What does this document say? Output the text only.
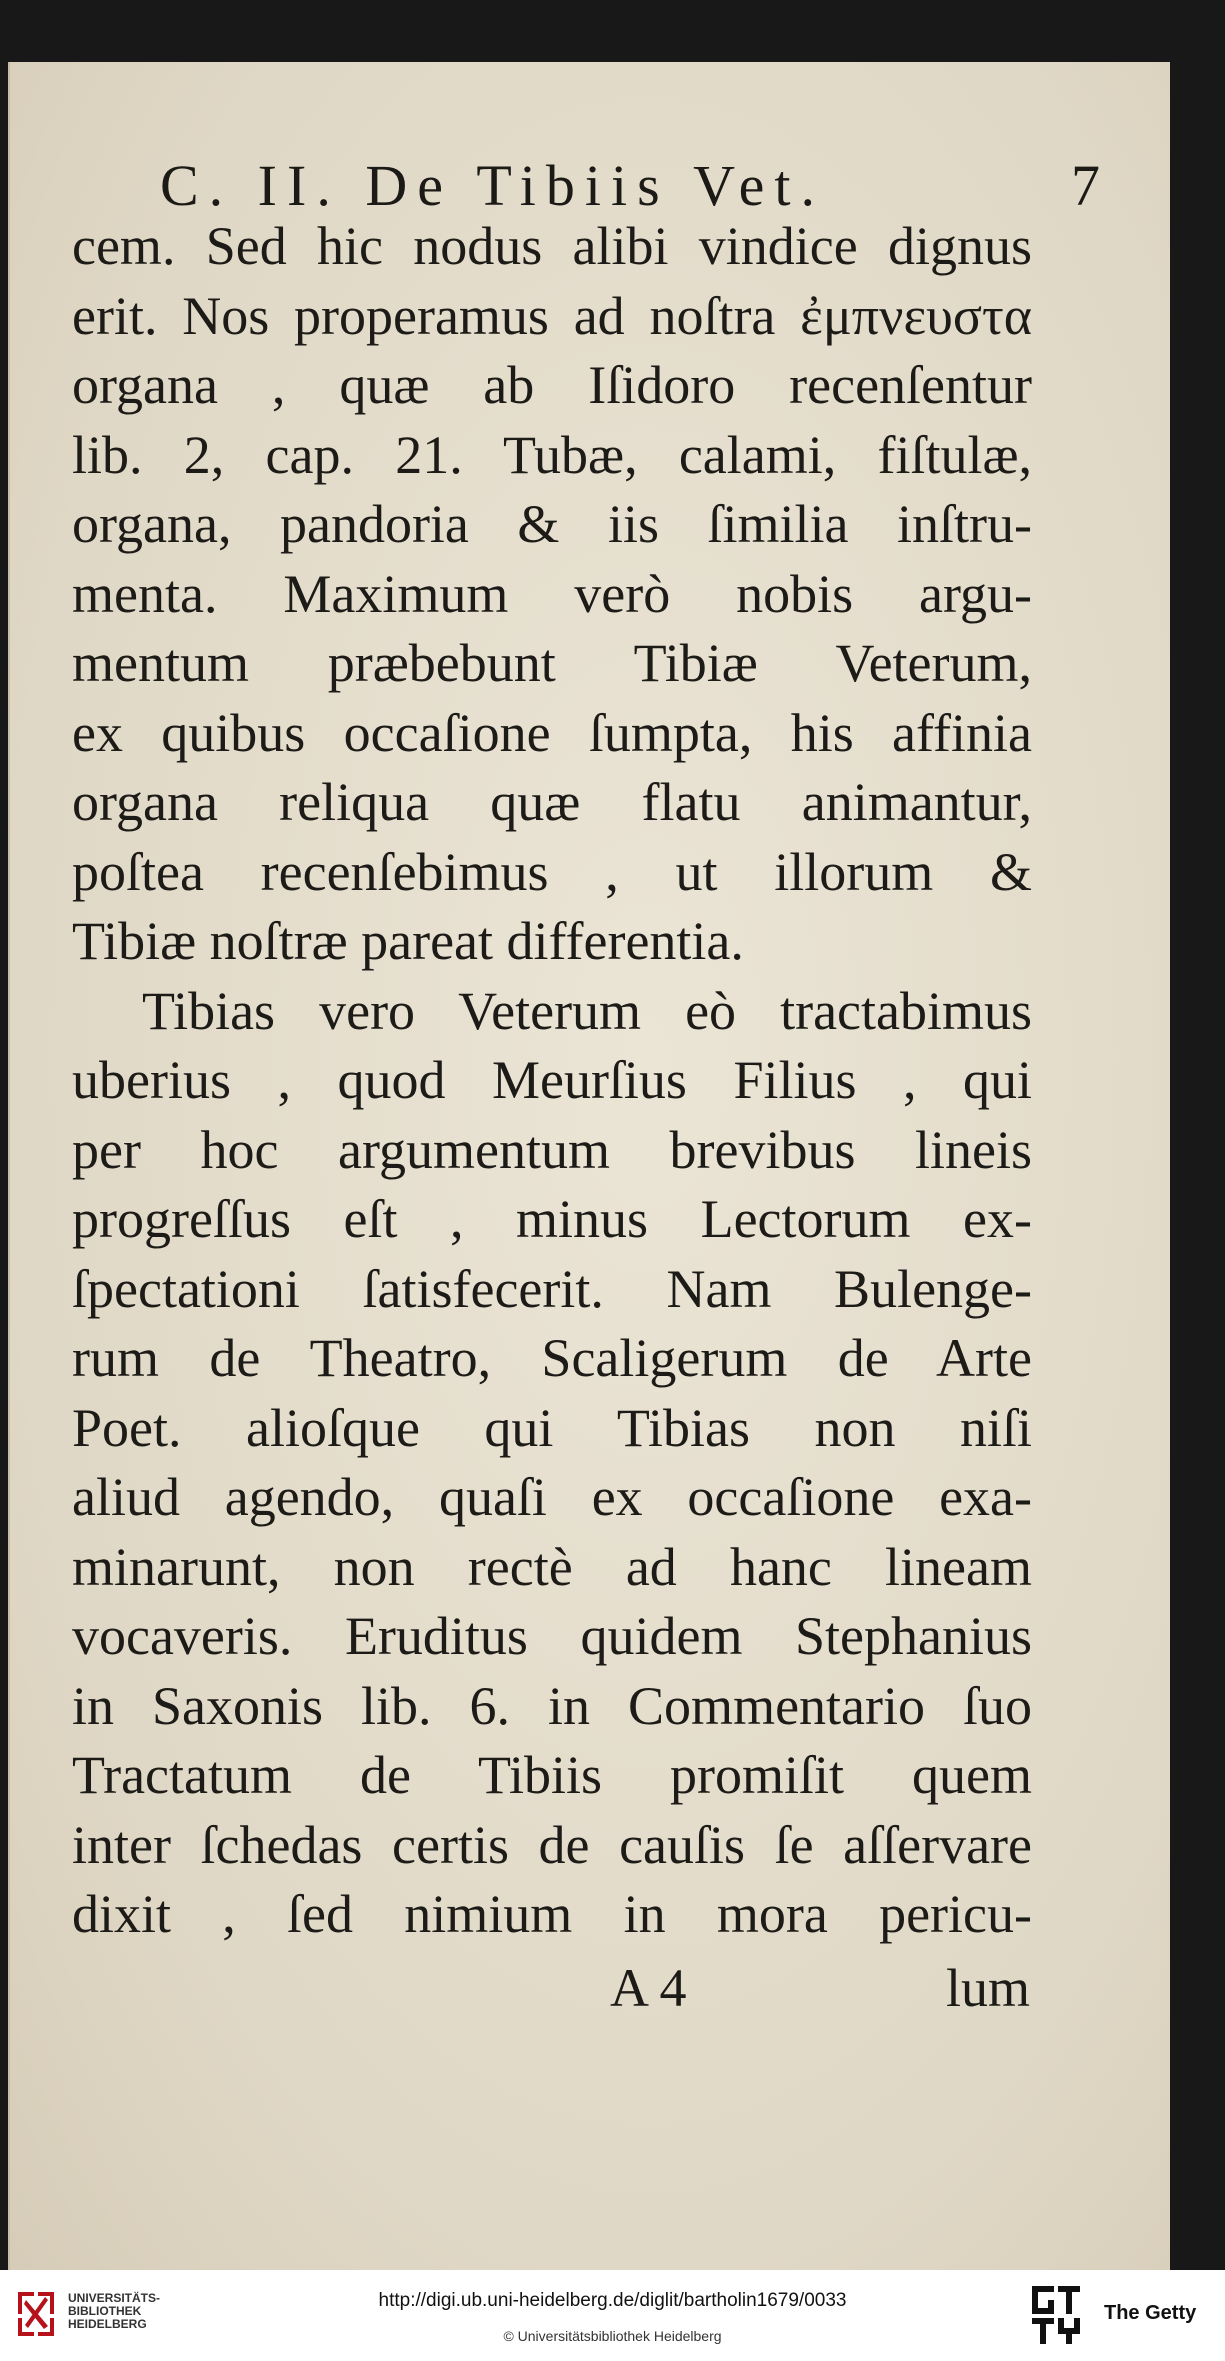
C. II. De Tibiis Vet.	7
cem. Sed hic nodus alibi vindice dignus
erit. Nos properamus ad noſtra ἐμπνευστα
organa , quæ ab Iſidoro recenſentur
lib. 2, cap. 21. Tubæ, calami, fiſtulæ,
organa, pandoria & iis ſimilia inſtru-
menta. Maximum verò nobis argu-
mentum præbebunt Tibiæ Veterum,
ex quibus occaſione ſumpta, his affinia
organa reliqua quæ flatu animantur,
poſtea recenſebimus , ut illorum &
Tibiæ noſtræ pareat differentia.
Tibias vero Veterum eò tractabimus
uberius , quod Meurſius Filius , qui
per hoc argumentum brevibus lineis
progreſſus eſt , minus Lectorum ex-
ſpectationi ſatisfecerit. Nam Bulenge-
rum de Theatro, Scaligerum de Arte
Poet. alioſque qui Tibias non niſi
aliud agendo, quaſi ex occaſione exa-
minarunt, non rectè ad hanc lineam
vocaveris. Eruditus quidem Stephanius
in Saxonis lib. 6. in Commentario ſuo
Tractatum de Tibiis promiſit quem
inter ſchedas certis de cauſis ſe aſſervare
dixit , ſed nimium in mora pericu-
A 4	lum
UNIVERSITÄTS-
BIBLIOTHEK
HEIDELBERG
http://digi.ub.uni-heidelberg.de/diglit/bartholin1679/0033
© Universitätsbibliothek Heidelberg
The Getty
